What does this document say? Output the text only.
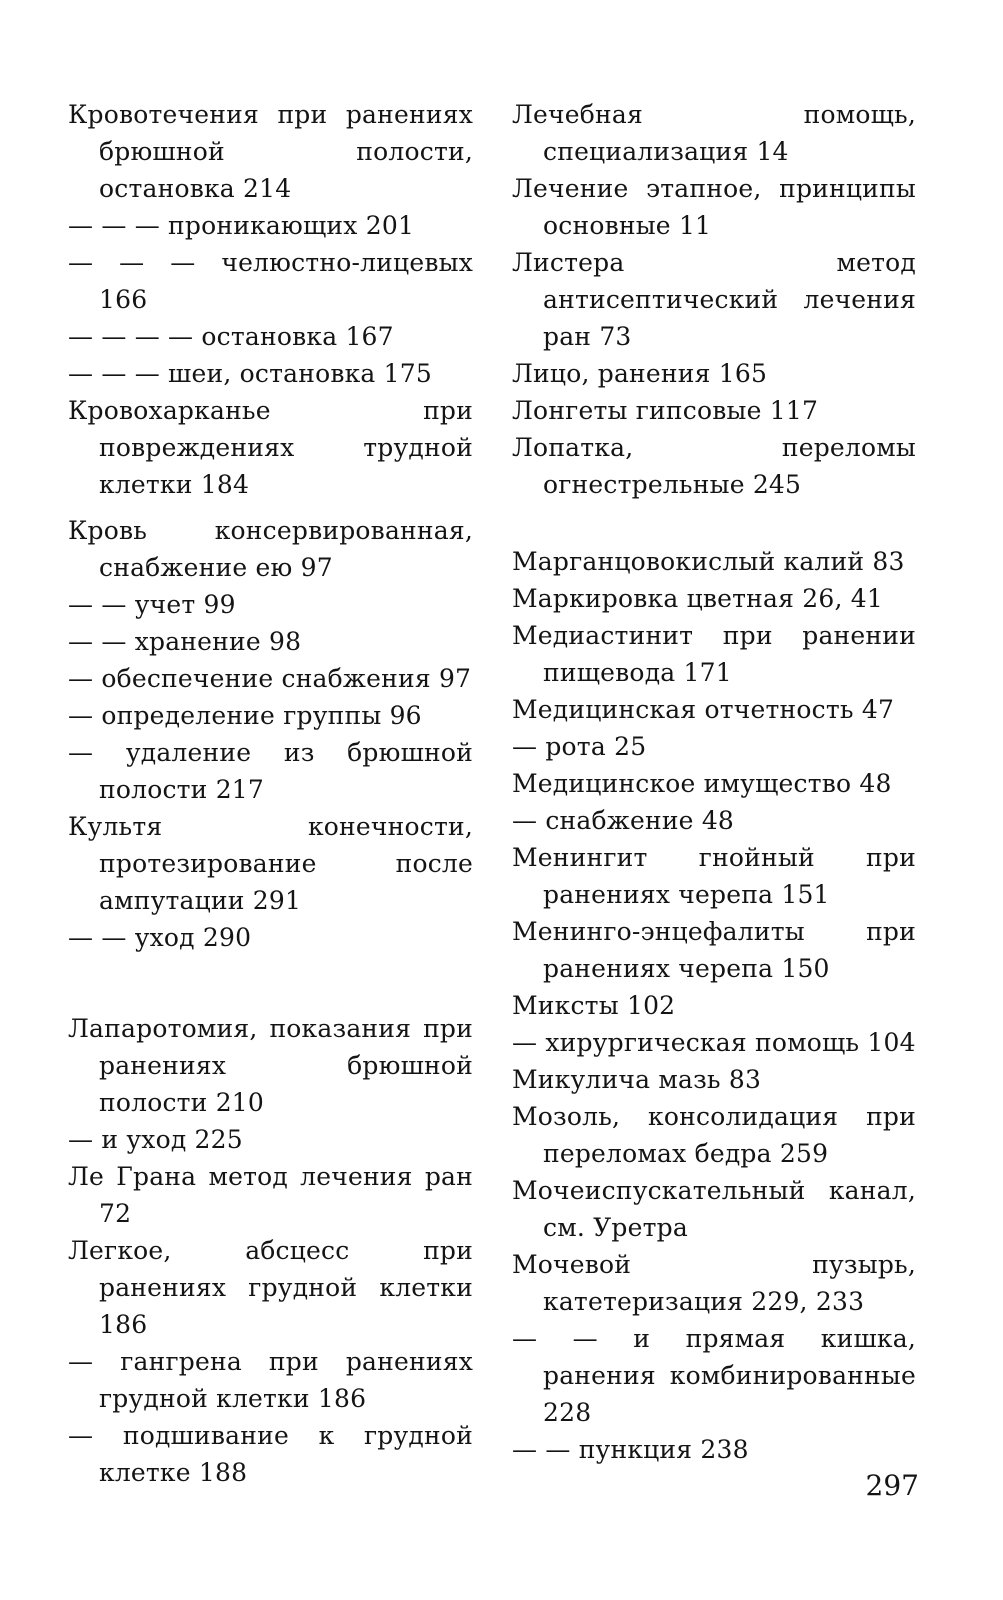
Кровотечения при ранениях брюшной полости, остановка 214
— — — проникающих 201
— — — челюстно-лицевых 166
— — — — остановка 167
— — — шеи, остановка 175
Кровохарканье при повреждениях трудной клетки 184
Кровь консервированная, снабжение ею 97
— — учет 99
— — хранение 98
— обеспечение снабжения 97
— определение группы 96
— удаление из брюшной полости 217
Культя конечности, протезирование после ампутации 291
— — уход 290
Лапаротомия, показания при ранениях брюшной полости 210
— и уход 225
Ле Грана метод лечения ран 72
Легкое, абсцесс при ранениях грудной клетки 186
— гангрена при ранениях грудной клетки 186
— подшивание к грудной клетке 188
Лечебная помощь, специализация 14
Лечение этапное, принципы основные 11
Листера метод антисептический лечения ран 73
Лицо, ранения 165
Лонгеты гипсовые 117
Лопатка, переломы огнестрельные 245
Марганцовокислый калий 83
Маркировка цветная 26, 41
Медиастинит при ранении пищевода 171
Медицинская отчетность 47
— рота 25
Медицинское имущество 48
— снабжение 48
Менингит гнойный при ранениях черепа 151
Менинго-энцефалиты при ранениях черепа 150
Миксты 102
— хирургическая помощь 104
Микулича мазь 83
Мозоль, консолидация при переломах бедра 259
Мочеиспускательный канал, см. Уретра
Мочевой пузырь, катетеризация 229, 233
— — и прямая кишка, ранения комбинированные 228
— — пункция 238
297
